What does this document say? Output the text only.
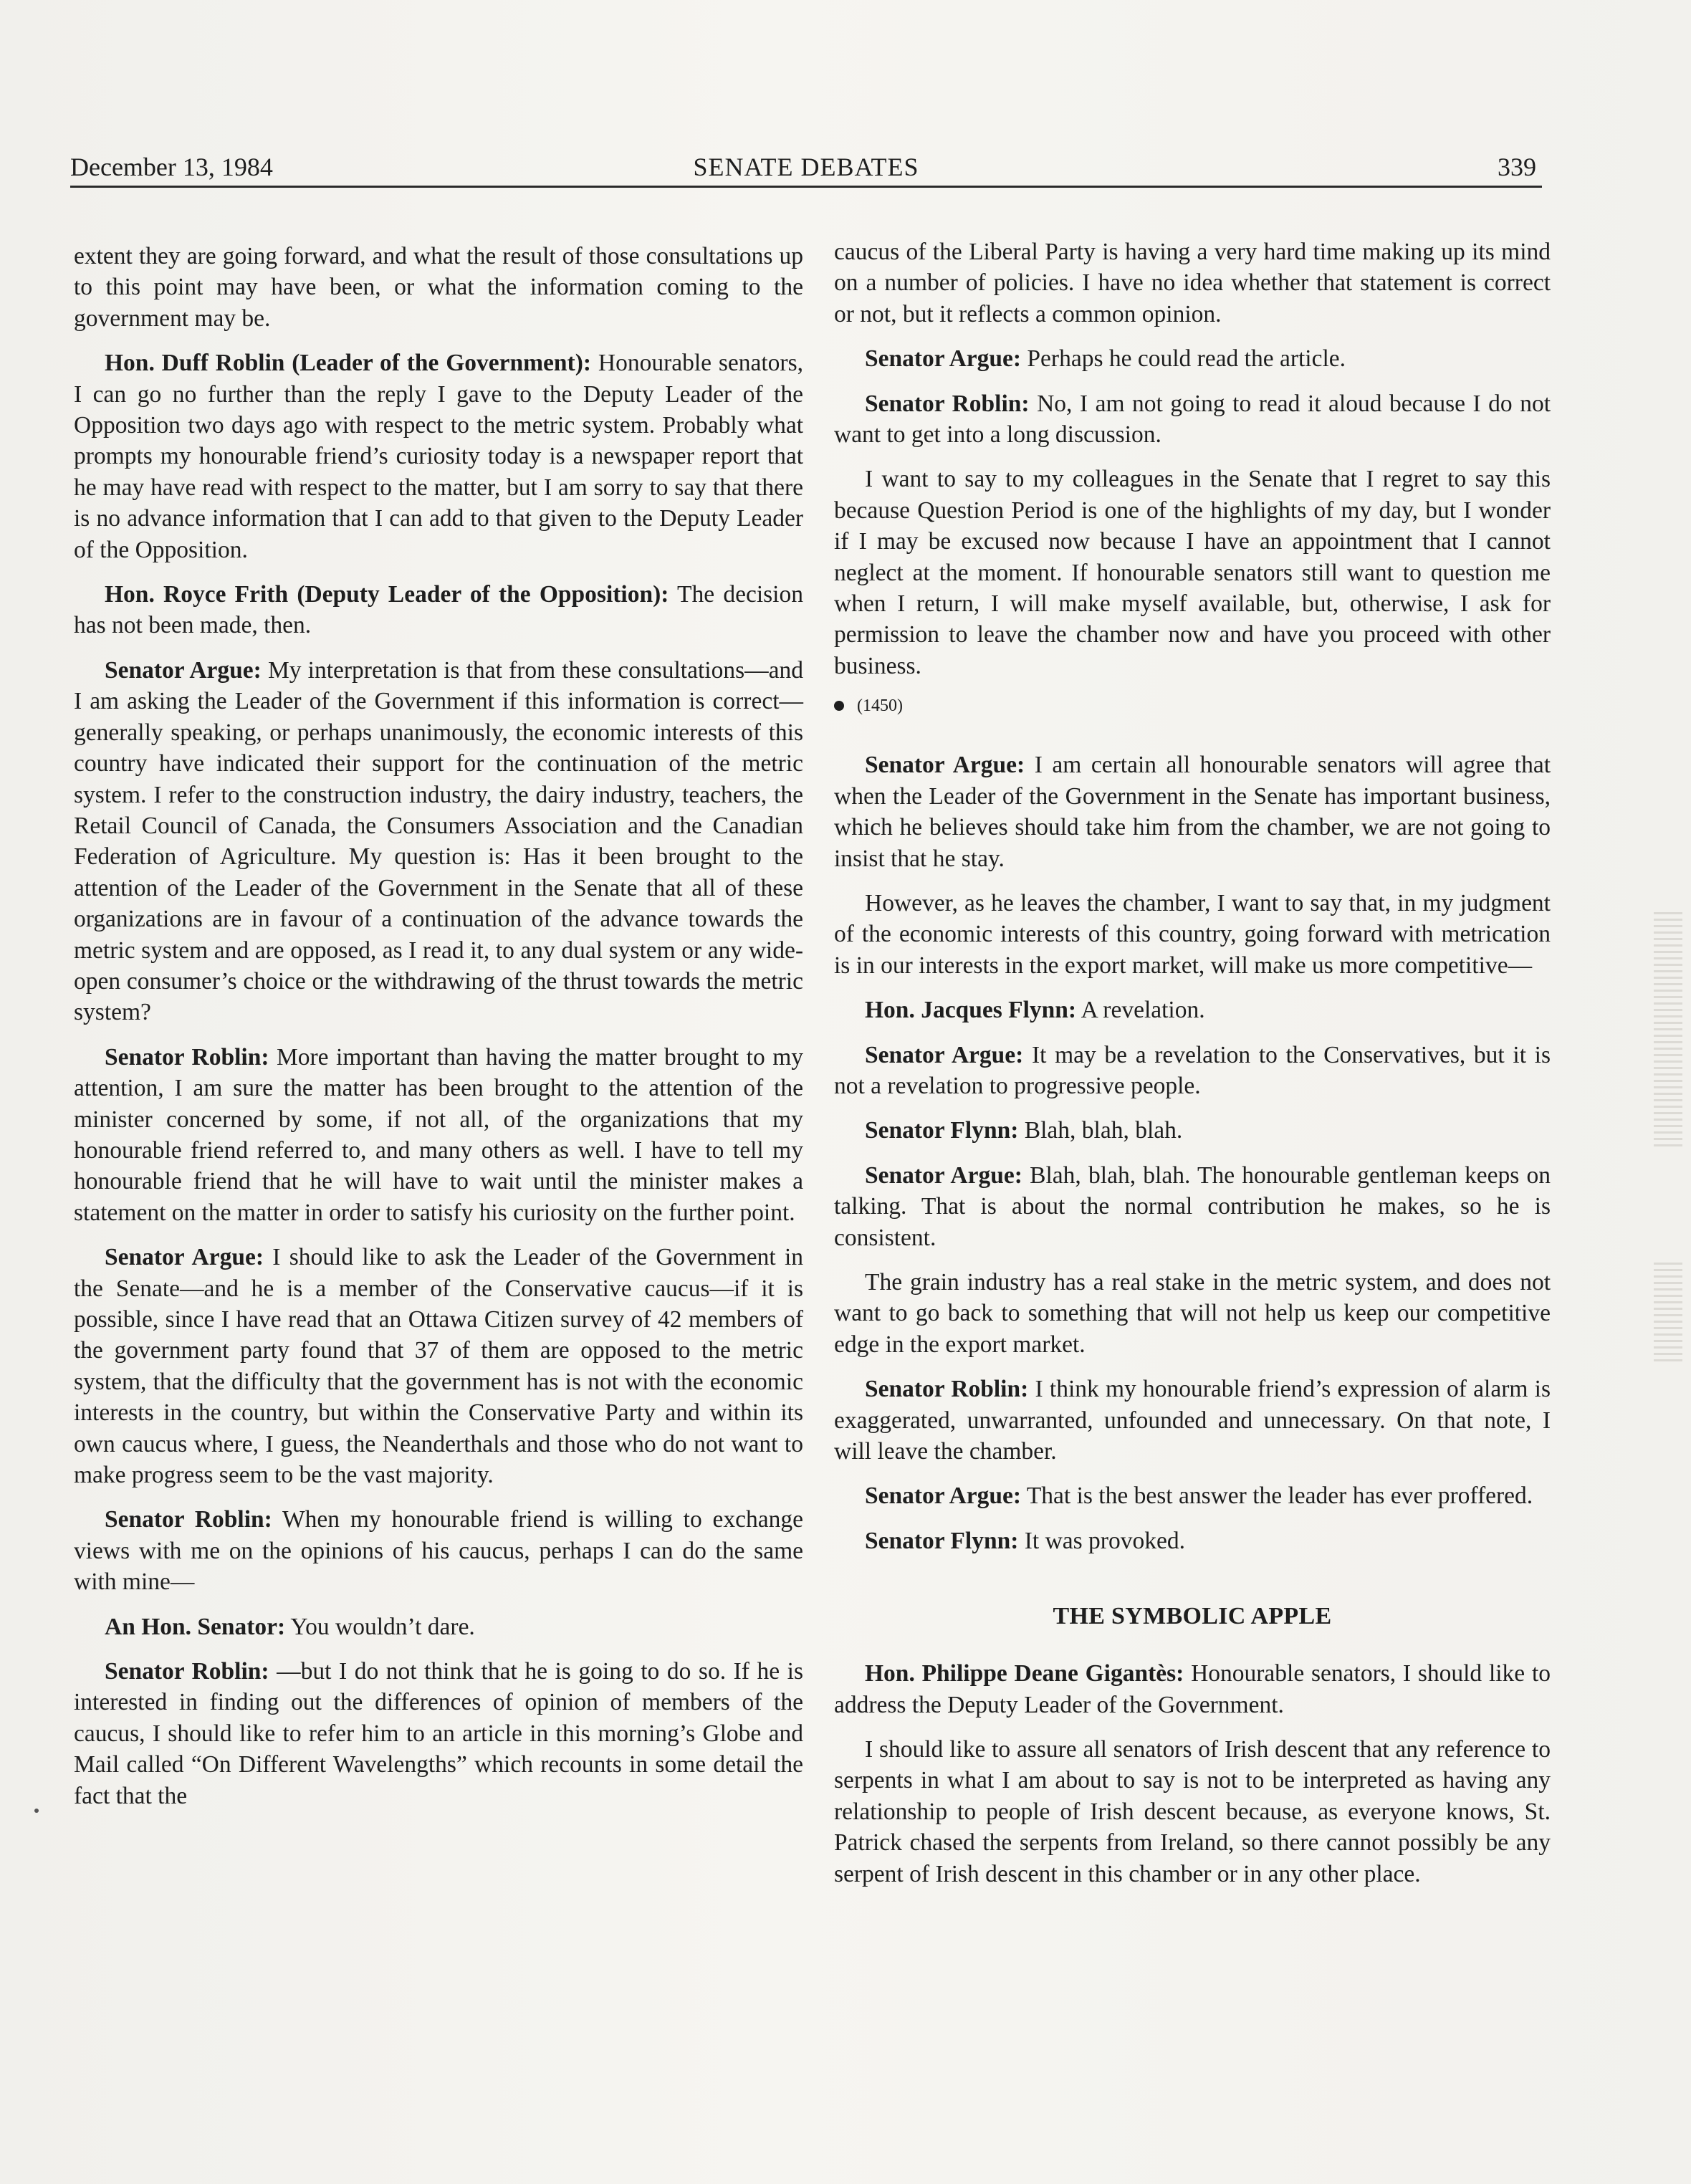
December 13, 1984	SENATE DEBATES	339

extent they are going forward, and what the result of those consultations up to this point may have been, or what the information coming to the government may be.

Hon. Duff Roblin (Leader of the Government): Honourable senators, I can go no further than the reply I gave to the Deputy Leader of the Opposition two days ago with respect to the metric system. Probably what prompts my honourable friend’s curiosity today is a newspaper report that he may have read with respect to the matter, but I am sorry to say that there is no advance information that I can add to that given to the Deputy Leader of the Opposition.

Hon. Royce Frith (Deputy Leader of the Opposition): The decision has not been made, then.

Senator Argue: My interpretation is that from these consultations—and I am asking the Leader of the Government if this information is correct—generally speaking, or perhaps unanimously, the economic interests of this country have indicated their support for the continuation of the metric system. I refer to the construction industry, the dairy industry, teachers, the Retail Council of Canada, the Consumers Association and the Canadian Federation of Agriculture. My question is: Has it been brought to the attention of the Leader of the Government in the Senate that all of these organizations are in favour of a continuation of the advance towards the metric system and are opposed, as I read it, to any dual system or any wide-open consumer’s choice or the withdrawing of the thrust towards the metric system?

Senator Roblin: More important than having the matter brought to my attention, I am sure the matter has been brought to the attention of the minister concerned by some, if not all, of the organizations that my honourable friend referred to, and many others as well. I have to tell my honourable friend that he will have to wait until the minister makes a statement on the matter in order to satisfy his curiosity on the further point.

Senator Argue: I should like to ask the Leader of the Government in the Senate—and he is a member of the Conservative caucus—if it is possible, since I have read that an Ottawa Citizen survey of 42 members of the government party found that 37 of them are opposed to the metric system, that the difficulty that the government has is not with the economic interests in the country, but within the Conservative Party and within its own caucus where, I guess, the Neanderthals and those who do not want to make progress seem to be the vast majority.

Senator Roblin: When my honourable friend is willing to exchange views with me on the opinions of his caucus, perhaps I can do the same with mine—

An Hon. Senator: You wouldn’t dare.

Senator Roblin: —but I do not think that he is going to do so. If he is interested in finding out the differences of opinion of members of the caucus, I should like to refer him to an article in this morning’s Globe and Mail called “On Different Wavelengths” which recounts in some detail the fact that the

caucus of the Liberal Party is having a very hard time making up its mind on a number of policies. I have no idea whether that statement is correct or not, but it reflects a common opinion.

Senator Argue: Perhaps he could read the article.

Senator Roblin: No, I am not going to read it aloud because I do not want to get into a long discussion.

I want to say to my colleagues in the Senate that I regret to say this because Question Period is one of the highlights of my day, but I wonder if I may be excused now because I have an appointment that I cannot neglect at the moment. If honourable senators still want to question me when I return, I will make myself available, but, otherwise, I ask for permission to leave the chamber now and have you proceed with other business.

(1450)

Senator Argue: I am certain all honourable senators will agree that when the Leader of the Government in the Senate has important business, which he believes should take him from the chamber, we are not going to insist that he stay.

However, as he leaves the chamber, I want to say that, in my judgment of the economic interests of this country, going forward with metrication is in our interests in the export market, will make us more competitive—

Hon. Jacques Flynn: A revelation.

Senator Argue: It may be a revelation to the Conservatives, but it is not a revelation to progressive people.

Senator Flynn: Blah, blah, blah.

Senator Argue: Blah, blah, blah. The honourable gentleman keeps on talking. That is about the normal contribution he makes, so he is consistent.

The grain industry has a real stake in the metric system, and does not want to go back to something that will not help us keep our competitive edge in the export market.

Senator Roblin: I think my honourable friend’s expression of alarm is exaggerated, unwarranted, unfounded and unnecessary. On that note, I will leave the chamber.

Senator Argue: That is the best answer the leader has ever proffered.

Senator Flynn: It was provoked.

THE SYMBOLIC APPLE

Hon. Philippe Deane Gigantès: Honourable senators, I should like to address the Deputy Leader of the Government.

I should like to assure all senators of Irish descent that any reference to serpents in what I am about to say is not to be interpreted as having any relationship to people of Irish descent because, as everyone knows, St. Patrick chased the serpents from Ireland, so there cannot possibly be any serpent of Irish descent in this chamber or in any other place.
